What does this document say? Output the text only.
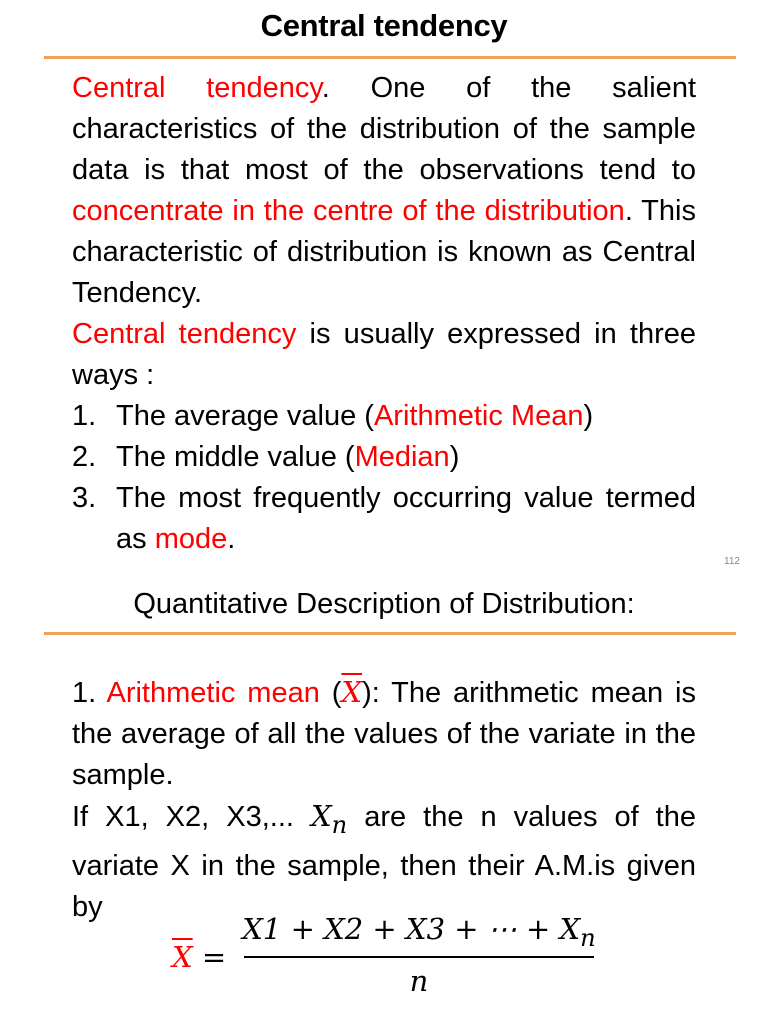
Central tendency
Central tendency. One of the salient characteristics of the distribution of the sample data is that most of the observations tend to concentrate in the centre of the distribution. This characteristic of distribution is known as Central Tendency.
Central tendency is usually expressed in three ways :
1. The average value (Arithmetic Mean)
2. The middle value (Median)
3. The most frequently occurring value termed as mode.
112
Quantitative Description of Distribution:
1. Arithmetic mean $(\overline{X})$: The arithmetic mean is the average of all the values of the variate in the sample.
If X1, X2, X3,... $X_n$ are the n values of the variate X in the sample, then their A.M.is given by
$\overline{X}$ =
X1 + X2 + X3 + ⋯ + $X_n$
n
